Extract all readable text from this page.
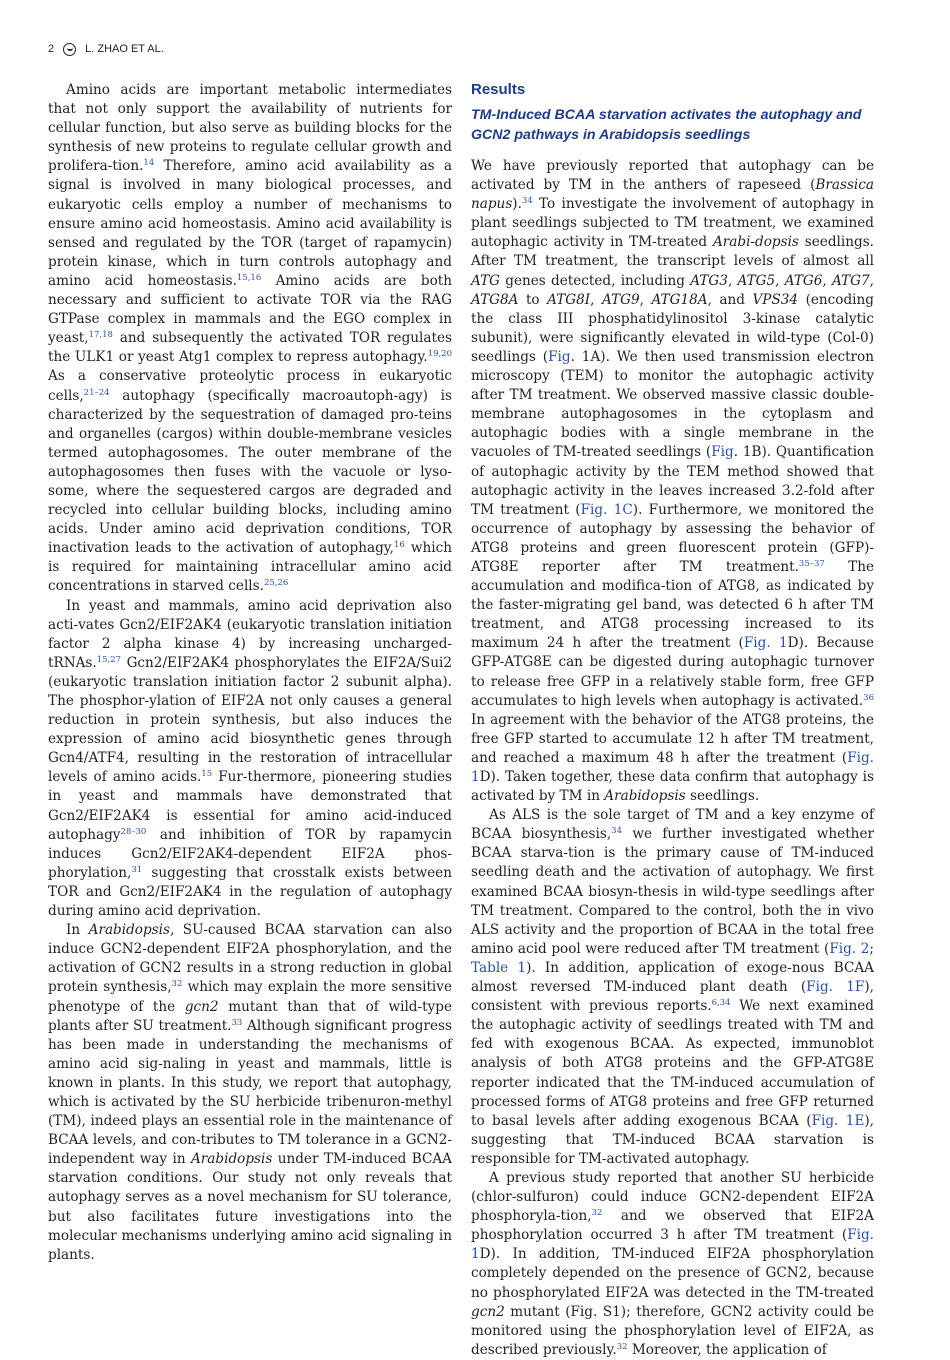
2	L. ZHAO ET AL.

Amino acids are important metabolic intermediates that not only support the availability of nutrients for cellular function, but also serve as building blocks for the synthesis of new proteins to regulate cellular growth and prolifera-tion.$^{14}$ Therefore, amino acid availability as a signal is involved in many biological processes, and eukaryotic cells employ a number of mechanisms to ensure amino acid homeostasis. Amino acid availability is sensed and regulated by the TOR (target of rapamycin) protein kinase, which in turn controls autophagy and amino acid homeostasis.$^{15,16}$ Amino acids are both necessary and sufficient to activate TOR via the RAG GTPase complex in mammals and the EGO complex in yeast,$^{17,18}$ and subsequently the activated TOR regulates the ULK1 or yeast Atg1 complex to repress autophagy.$^{19,20}$ As a conservative proteolytic process in eukaryotic cells,$^{21-24}$ autophagy (specifically macroautoph-agy) is characterized by the sequestration of damaged pro-teins and organelles (cargos) within double-membrane vesicles termed autophagosomes. The outer membrane of the autophagosomes then fuses with the vacuole or lyso-some, where the sequestered cargos are degraded and recycled into cellular building blocks, including amino acids. Under amino acid deprivation conditions, TOR inactivation leads to the activation of autophagy,$^{16}$ which is required for maintaining intracellular amino acid concentrations in starved cells.$^{25,26}$

In yeast and mammals, amino acid deprivation also acti-vates Gcn2/EIF2AK4 (eukaryotic translation initiation factor 2 alpha kinase 4) by increasing uncharged-tRNAs.$^{15,27}$ Gcn2/EIF2AK4 phosphorylates the EIF2A/Sui2 (eukaryotic translation initiation factor 2 subunit alpha). The phosphor-ylation of EIF2A not only causes a general reduction in protein synthesis, but also induces the expression of amino acid biosynthetic genes through Gcn4/ATF4, resulting in the restoration of intracellular levels of amino acids.$^{15}$ Fur-thermore, pioneering studies in yeast and mammals have demonstrated that Gcn2/EIF2AK4 is essential for amino acid-induced autophagy$^{28-30}$ and inhibition of TOR by rapamycin induces Gcn2/EIF2AK4-dependent EIF2A phos-phorylation,$^{31}$ suggesting that crosstalk exists between TOR and Gcn2/EIF2AK4 in the regulation of autophagy during amino acid deprivation.

In Arabidopsis, SU-caused BCAA starvation can also induce GCN2-dependent EIF2A phosphorylation, and the activation of GCN2 results in a strong reduction in global protein synthesis,$^{32}$ which may explain the more sensitive phenotype of the gcn2 mutant than that of wild-type plants after SU treatment.$^{33}$ Although significant progress has been made in understanding the mechanisms of amino acid sig-naling in yeast and mammals, little is known in plants. In this study, we report that autophagy, which is activated by the SU herbicide tribenuron-methyl (TM), indeed plays an essential role in the maintenance of BCAA levels, and con-tributes to TM tolerance in a GCN2-independent way in Arabidopsis under TM-induced BCAA starvation conditions. Our study not only reveals that autophagy serves as a novel mechanism for SU tolerance, but also facilitates future investigations into the molecular mechanisms underlying amino acid signaling in plants.

Results
TM-Induced BCAA starvation activates the autophagy and GCN2 pathways in Arabidopsis seedlings

We have previously reported that autophagy can be activated by TM in the anthers of rapeseed (Brassica napus).$^{34}$ To investigate the involvement of autophagy in plant seedlings subjected to TM treatment, we examined autophagic activity in TM-treated Arabi-dopsis seedlings. After TM treatment, the transcript levels of almost all ATG genes detected, including ATG3, ATG5, ATG6, ATG7, ATG8A to ATG8I, ATG9, ATG18A, and VPS34 (encoding the class III phosphatidylinositol 3-kinase catalytic subunit), were significantly elevated in wild-type (Col-0) seedlings (Fig. 1A). We then used transmission electron microscopy (TEM) to monitor the autophagic activity after TM treatment. We observed massive classic double-membrane autophagosomes in the cytoplasm and autophagic bodies with a single membrane in the vacuoles of TM-treated seedlings (Fig. 1B). Quantification of autophagic activity by the TEM method showed that autophagic activity in the leaves increased 3.2-fold after TM treatment (Fig. 1C). Furthermore, we monitored the occurrence of autophagy by assessing the behavior of ATG8 proteins and green fluorescent protein (GFP)-ATG8E reporter after TM treatment.$^{35-37}$ The accumulation and modifica-tion of ATG8, as indicated by the faster-migrating gel band, was detected 6 h after TM treatment, and ATG8 processing increased to its maximum 24 h after the treatment (Fig. 1D). Because GFP-ATG8E can be digested during autophagic turnover to release free GFP in a relatively stable form, free GFP accumulates to high levels when autophagy is activated.$^{36}$ In agreement with the behavior of the ATG8 proteins, the free GFP started to accumulate 12 h after TM treatment, and reached a maximum 48 h after the treatment (Fig. 1D). Taken together, these data confirm that autophagy is activated by TM in Arabidopsis seedlings.

As ALS is the sole target of TM and a key enzyme of BCAA biosynthesis,$^{34}$ we further investigated whether BCAA starva-tion is the primary cause of TM-induced seedling death and the activation of autophagy. We first examined BCAA biosyn-thesis in wild-type seedlings after TM treatment. Compared to the control, both the in vivo ALS activity and the proportion of BCAA in the total free amino acid pool were reduced after TM treatment (Fig. 2; Table 1). In addition, application of exoge-nous BCAA almost reversed TM-induced plant death (Fig. 1F), consistent with previous reports.$^{6,34}$ We next examined the autophagic activity of seedlings treated with TM and fed with exogenous BCAA. As expected, immunoblot analysis of both ATG8 proteins and the GFP-ATG8E reporter indicated that the TM-induced accumulation of processed forms of ATG8 proteins and free GFP returned to basal levels after adding exogenous BCAA (Fig. 1E), suggesting that TM-induced BCAA starvation is responsible for TM-activated autophagy.

A previous study reported that another SU herbicide (chlor-sulfuron) could induce GCN2-dependent EIF2A phosphoryla-tion,$^{32}$ and we observed that EIF2A phosphorylation occurred 3 h after TM treatment (Fig. 1D). In addition, TM-induced EIF2A phosphorylation completely depended on the presence of GCN2, because no phosphorylated EIF2A was detected in the TM-treated gcn2 mutant (Fig. S1); therefore, GCN2 activity could be monitored using the phosphorylation level of EIF2A, as described previously.$^{32}$ Moreover, the application of
